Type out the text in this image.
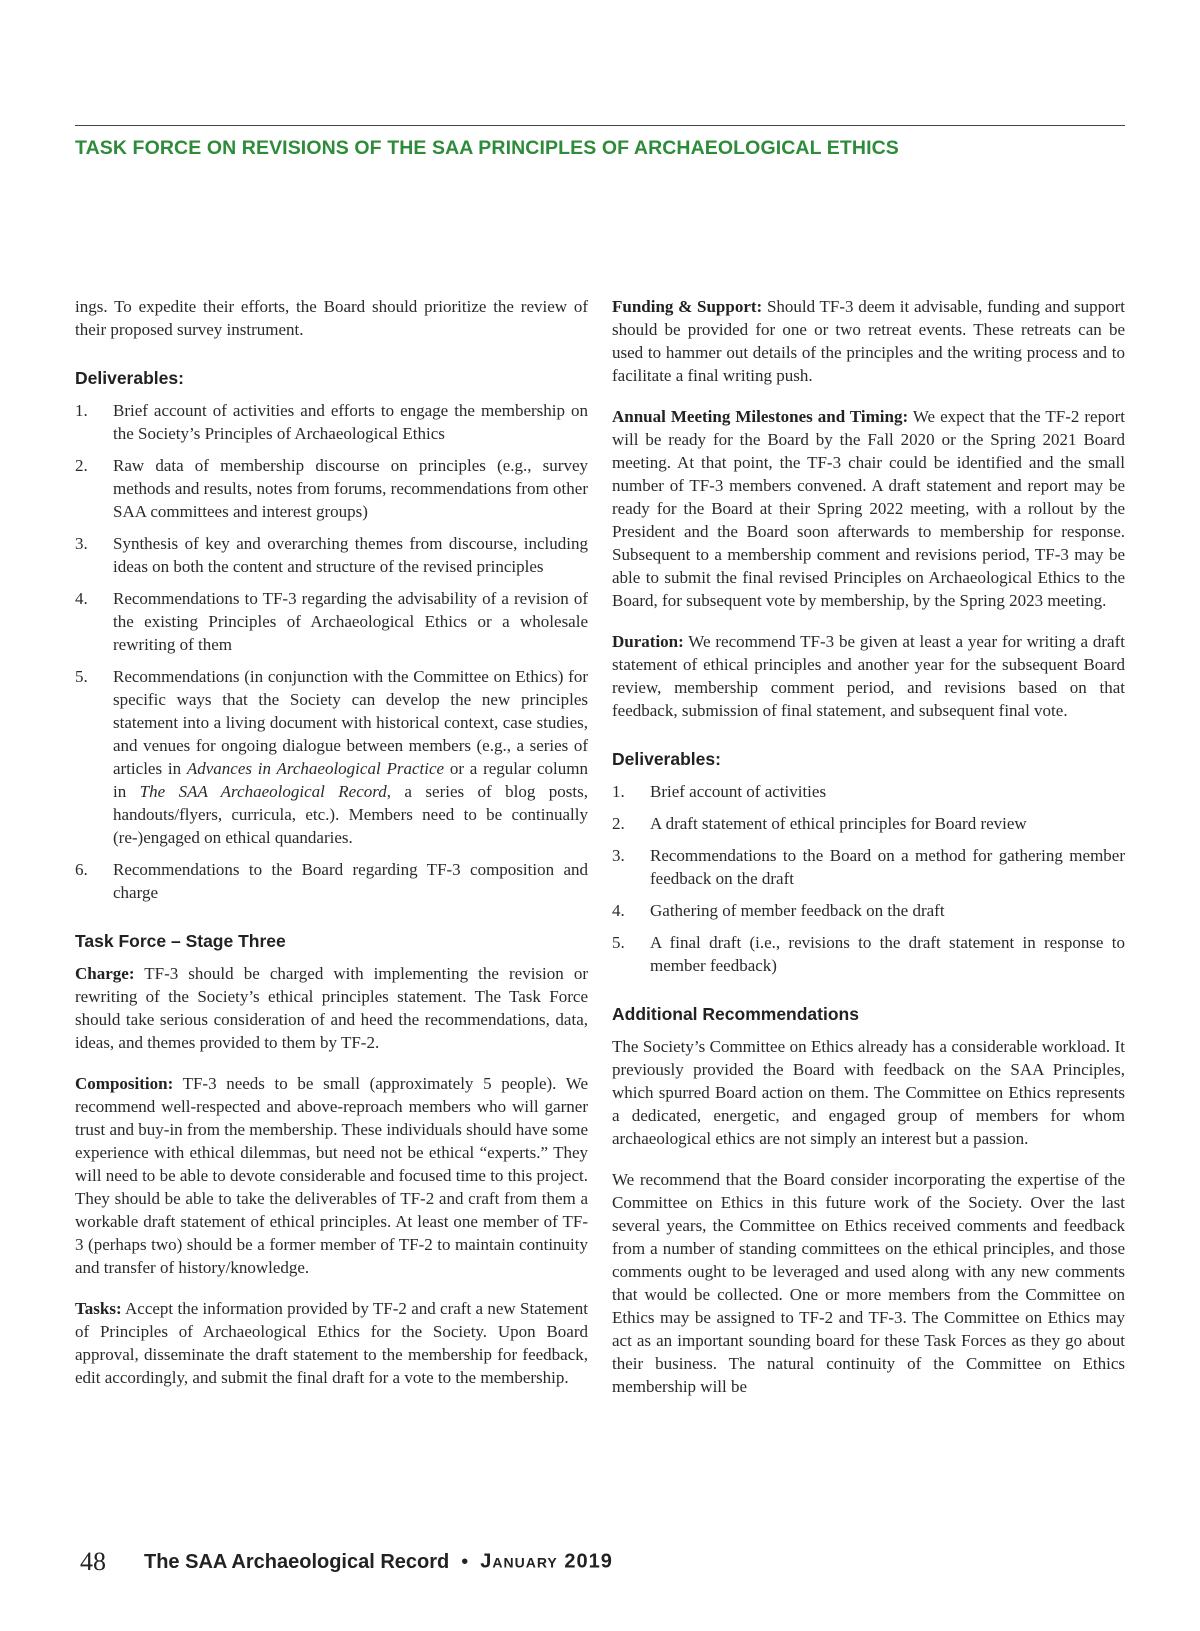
TASK FORCE ON REVISIONS OF THE SAA PRINCIPLES OF ARCHAEOLOGICAL ETHICS

ings. To expedite their efforts, the Board should prioritize the review of their proposed survey instrument.

Deliverables:
1.	Brief account of activities and efforts to engage the membership on the Society’s Principles of Archaeological Ethics
2.	Raw data of membership discourse on principles (e.g., survey methods and results, notes from forums, recommendations from other SAA committees and interest groups)
3.	Synthesis of key and overarching themes from discourse, including ideas on both the content and structure of the revised principles
4.	Recommendations to TF-3 regarding the advisability of a revision of the existing Principles of Archaeological Ethics or a wholesale rewriting of them
5.	Recommendations (in conjunction with the Committee on Ethics) for specific ways that the Society can develop the new principles statement into a living document with historical context, case studies, and venues for ongoing dialogue between members (e.g., a series of articles in Advances in Archaeological Practice or a regular column in The SAA Archaeological Record, a series of blog posts, handouts/flyers, curricula, etc.). Members need to be continually (re-)engaged on ethical quandaries.
6.	Recommendations to the Board regarding TF-3 composition and charge
Task Force – Stage Three

Charge: TF-3 should be charged with implementing the revision or rewriting of the Society’s ethical principles statement. The Task Force should take serious consideration of and heed the recommendations, data, ideas, and themes provided to them by TF-2.

Composition: TF-3 needs to be small (approximately 5 people). We recommend well-respected and above-reproach members who will garner trust and buy-in from the membership. These individuals should have some experience with ethical dilemmas, but need not be ethical “experts.” They will need to be able to devote considerable and focused time to this project. They should be able to take the deliverables of TF-2 and craft from them a workable draft statement of ethical principles. At least one member of TF-3 (perhaps two) should be a former member of TF-2 to maintain continuity and transfer of history/knowledge.

Tasks: Accept the information provided by TF-2 and craft a new Statement of Principles of Archaeological Ethics for the Society. Upon Board approval, disseminate the draft statement to the membership for feedback, edit accordingly, and submit the final draft for a vote to the membership.

Funding & Support: Should TF-3 deem it advisable, funding and support should be provided for one or two retreat events. These retreats can be used to hammer out details of the principles and the writing process and to facilitate a final writing push.

Annual Meeting Milestones and Timing: We expect that the TF-2 report will be ready for the Board by the Fall 2020 or the Spring 2021 Board meeting. At that point, the TF-3 chair could be identified and the small number of TF-3 members convened. A draft statement and report may be ready for the Board at their Spring 2022 meeting, with a rollout by the President and the Board soon afterwards to membership for response. Subsequent to a membership comment and revisions period, TF-3 may be able to submit the final revised Principles on Archaeological Ethics to the Board, for subsequent vote by membership, by the Spring 2023 meeting.

Duration: We recommend TF-3 be given at least a year for writing a draft statement of ethical principles and another year for the subsequent Board review, membership comment period, and revisions based on that feedback, submission of final statement, and subsequent final vote.

Deliverables:
1.	Brief account of activities
2.	A draft statement of ethical principles for Board review
3.	Recommendations to the Board on a method for gathering member feedback on the draft
4.	Gathering of member feedback on the draft
5.	A final draft (i.e., revisions to the draft statement in response to member feedback)
Additional Recommendations

The Society’s Committee on Ethics already has a considerable workload. It previously provided the Board with feedback on the SAA Principles, which spurred Board action on them. The Committee on Ethics represents a dedicated, energetic, and engaged group of members for whom archaeological ethics are not simply an interest but a passion.

We recommend that the Board consider incorporating the expertise of the Committee on Ethics in this future work of the Society. Over the last several years, the Committee on Ethics received comments and feedback from a number of standing committees on the ethical principles, and those comments ought to be leveraged and used along with any new comments that would be collected. One or more members from the Committee on Ethics may be assigned to TF-2 and TF-3. The Committee on Ethics may act as an important sounding board for these Task Forces as they go about their business. The natural continuity of the Committee on Ethics membership will be

48 The SAA Archaeological Record • January 2019
